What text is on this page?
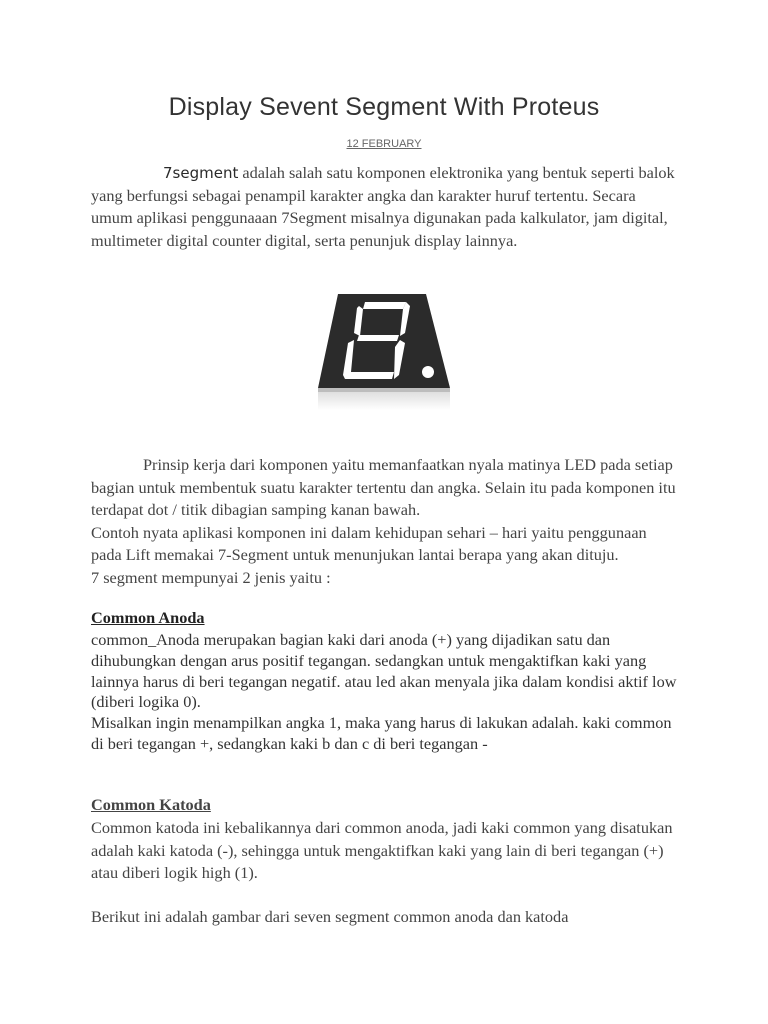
Display Sevent Segment With Proteus
12 FEBRUARY
7segment adalah salah satu komponen elektronika yang bentuk seperti balok yang berfungsi sebagai penampil karakter angka dan karakter huruf tertentu. Secara umum aplikasi penggunaaan 7Segment misalnya digunakan pada kalkulator, jam digital, multimeter digital counter digital, serta penunjuk display lainnya.
Prinsip kerja dari komponen yaitu memanfaatkan nyala matinya LED pada setiap bagian untuk membentuk suatu karakter tertentu dan angka. Selain itu pada komponen itu terdapat dot / titik dibagian samping kanan bawah.
Contoh nyata aplikasi komponen ini dalam kehidupan sehari – hari yaitu penggunaan pada Lift memakai 7-Segment untuk menunjukan lantai berapa yang akan dituju.
7 segment mempunyai 2 jenis yaitu :
Common Anoda
common_Anoda merupakan bagian kaki dari anoda (+) yang dijadikan satu dan dihubungkan dengan arus positif tegangan. sedangkan untuk mengaktifkan kaki yang lainnya harus di beri tegangan negatif. atau led akan menyala jika dalam kondisi aktif low (diberi logika 0).
Misalkan ingin menampilkan angka 1, maka yang harus di lakukan adalah. kaki common di beri tegangan +, sedangkan kaki b dan c di beri tegangan -
Common Katoda
Common katoda ini kebalikannya dari common anoda, jadi kaki common yang disatukan adalah kaki katoda (-), sehingga untuk mengaktifkan kaki yang lain di beri tegangan (+) atau diberi logik high (1).
Berikut ini adalah gambar dari seven segment common anoda dan katoda
